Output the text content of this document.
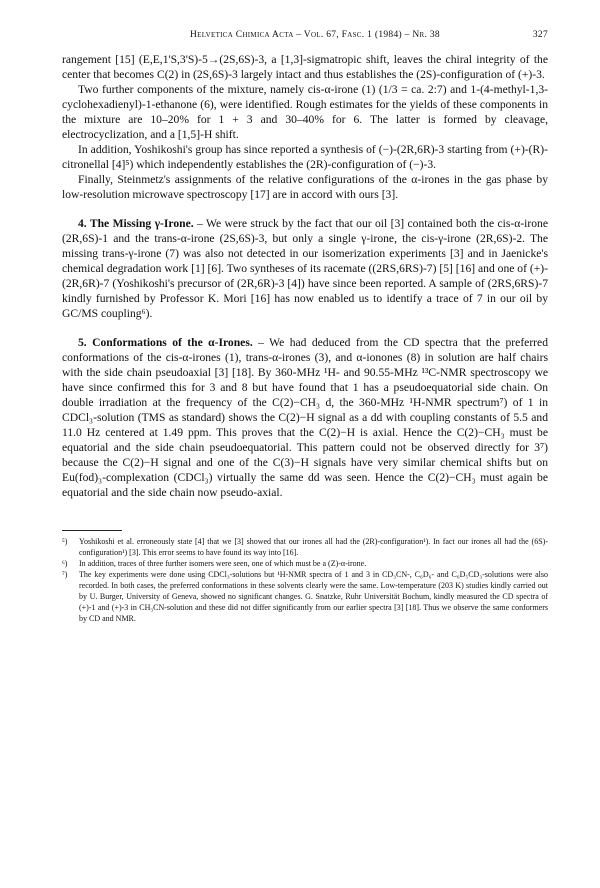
Helvetica Chimica Acta – Vol. 67, Fasc. 1 (1984) – Nr. 38	327

rangement [15] (E,E,1'S,3'S)-5→(2S,6S)-3, a [1,3]-sigmatropic shift, leaves the chiral integrity of the center that becomes C(2) in (2S,6S)-3 largely intact and thus establishes the (2S)-configuration of (+)-3.

Two further components of the mixture, namely cis-α-irone (1) (1/3 = ca. 2:7) and 1-(4-methyl-1,3-cyclohexadienyl)-1-ethanone (6), were identified. Rough estimates for the yields of these components in the mixture are 10–20% for 1 + 3 and 30–40% for 6. The latter is formed by cleavage, electrocyclization, and a [1,5]-H shift.

In addition, Yoshikoshi's group has since reported a synthesis of (−)-(2R,6R)-3 starting from (+)-(R)-citronellal [4]⁵) which independently establishes the (2R)-configuration of (−)-3.

Finally, Steinmetz's assignments of the relative configurations of the α-irones in the gas phase by low-resolution microwave spectroscopy [17] are in accord with ours [3].

4. The Missing γ-Irone. – We were struck by the fact that our oil [3] contained both the cis-α-irone (2R,6S)-1 and the trans-α-irone (2S,6S)-3, but only a single γ-irone, the cis-γ-irone (2R,6S)-2. The missing trans-γ-irone (7) was also not detected in our isomerization experiments [3] and in Jaenicke's chemical degradation work [1] [6]. Two syntheses of its racemate ((2RS,6RS)-7) [5] [16] and one of (+)-(2R,6R)-7 (Yoshikoshi's precursor of (2R,6R)-3 [4]) have since been reported. A sample of (2RS,6RS)-7 kindly furnished by Professor K. Mori [16] has now enabled us to identify a trace of 7 in our oil by GC/MS coupling⁶).

5. Conformations of the α-Irones. – We had deduced from the CD spectra that the preferred conformations of the cis-α-irones (1), trans-α-irones (3), and α-ionones (8) in solution are half chairs with the side chain pseudoaxial [3] [18]. By 360-MHz ¹H- and 90.55-MHz ¹³C-NMR spectroscopy we have since confirmed this for 3 and 8 but have found that 1 has a pseudoequatorial side chain. On double irradiation at the frequency of the C(2)−CH₃ d, the 360-MHz ¹H-NMR spectrum⁷) of 1 in CDCl₃-solution (TMS as standard) shows the C(2)−H signal as a dd with coupling constants of 5.5 and 11.0 Hz centered at 1.49 ppm. This proves that the C(2)−H is axial. Hence the C(2)−CH₃ must be equatorial and the side chain pseudoequatorial. This pattern could not be observed directly for 3⁷) because the C(2)−H signal and one of the C(3)−H signals have very similar chemical shifts but on Eu(fod)₃-complexation (CDCl₃) virtually the same dd was seen. Hence the C(2)−CH₃ must again be equatorial and the side chain now pseudo-axial.

⁵)	Yoshikoshi et al. erroneously state [4] that we [3] showed that our irones all had the (2R)-configuration¹). In fact our irones all had the (6S)-configuration¹) [3]. This error seems to have found its way into [16].
⁶)	In addition, traces of three further isomers were seen, one of which must be a (Z)-α-irone.
⁷)	The key experiments were done using CDCl₃-solutions but ¹H-NMR spectra of 1 and 3 in CD₃CN-, C₆D₆- and C₆D₅CD₃-solutions were also recorded. In both cases, the preferred conformations in these solvents clearly were the same. Low-temperature (203 K) studies kindly carried out by U. Burger, University of Geneva, showed no significant changes. G. Snatzke, Ruhr Universität Bochum, kindly measured the CD spectra of (+)-1 and (+)-3 in CH₃CN-solution and these did not differ significantly from our earlier spectra [3] [18]. Thus we observe the same conformers by CD and NMR.
